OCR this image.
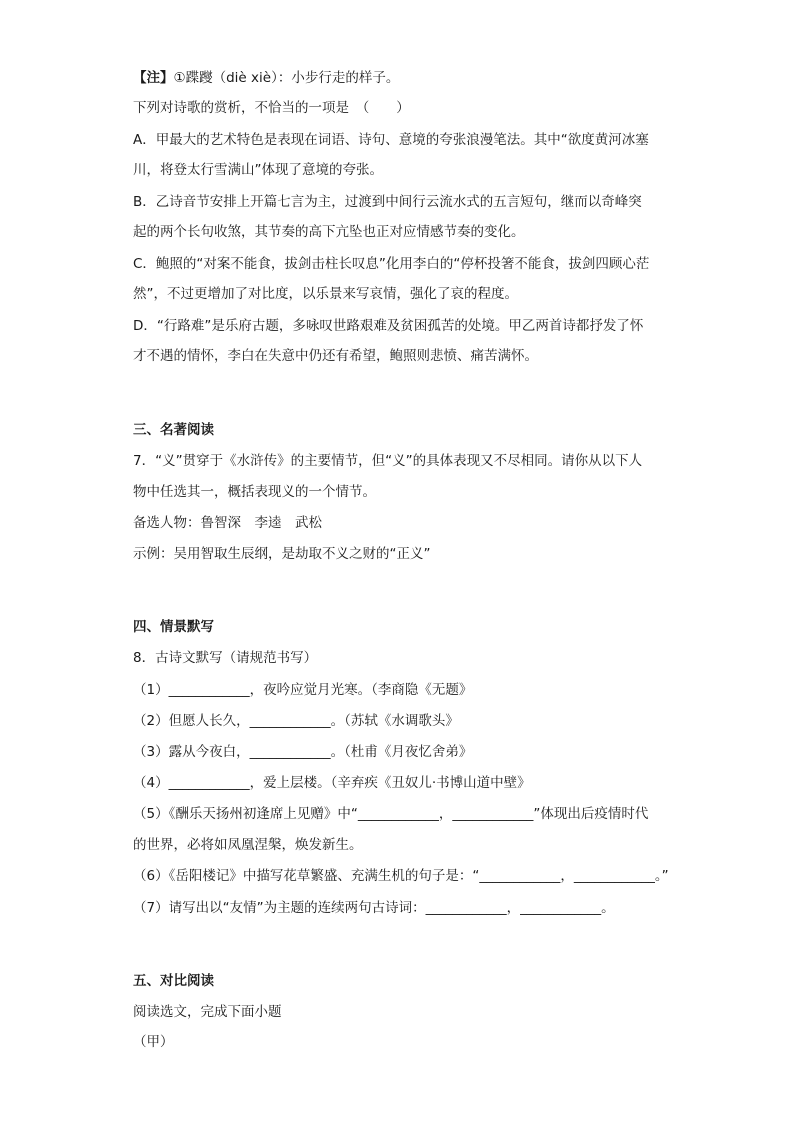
【注】①蹀躞（diè xiè）：小步行走的样子。
下列对诗歌的赏析，不恰当的一项是　（　　）
A．甲最大的艺术特色是表现在词语、诗句、意境的夸张浪漫笔法。其中“欲度黄河冰塞
川，将登太行雪满山”体现了意境的夸张。
B．乙诗音节安排上开篇七言为主，过渡到中间行云流水式的五言短句，继而以奇峰突
起的两个长句收煞，其节奏的高下亢坠也正对应情感节奏的变化。
C．鲍照的“对案不能食，拔剑击柱长叹息”化用李白的“停杯投箸不能食，拔剑四顾心茫
然”，不过更增加了对比度，以乐景来写哀情，强化了哀的程度。
D．“行路难”是乐府古题，多咏叹世路艰难及贫困孤苦的处境。甲乙两首诗都抒发了怀
才不遇的情怀，李白在失意中仍还有希望，鲍照则悲愤、痛苦满怀。
三、名著阅读
7．“义”贯穿于《水浒传》的主要情节，但“义”的具体表现又不尽相同。请你从以下人
物中任选其一，概括表现义的一个情节。
备选人物：鲁智深　李逵　武松
示例：吴用智取生辰纲，是劫取不义之财的“正义”
四、情景默写
8．古诗文默写（请规范书写）
（1）____________，夜吟应觉月光寒。（李商隐《无题》
（2）但愿人长久，____________。（苏轼《水调歌头》
（3）露从今夜白，____________。（杜甫《月夜忆舍弟》
（4）____________，爱上层楼。（辛弃疾《丑奴儿·书博山道中壁》
（5）《酬乐天扬州初逢席上见赠》中“____________，____________”体现出后疫情时代
的世界，必将如凤凰涅槃，焕发新生。
（6）《岳阳楼记》中描写花草繁盛、充满生机的句子是：“____________，____________。”
（7）请写出以“友情”为主题的连续两句古诗词：____________，____________。
五、对比阅读
阅读选文，完成下面小题
（甲）
